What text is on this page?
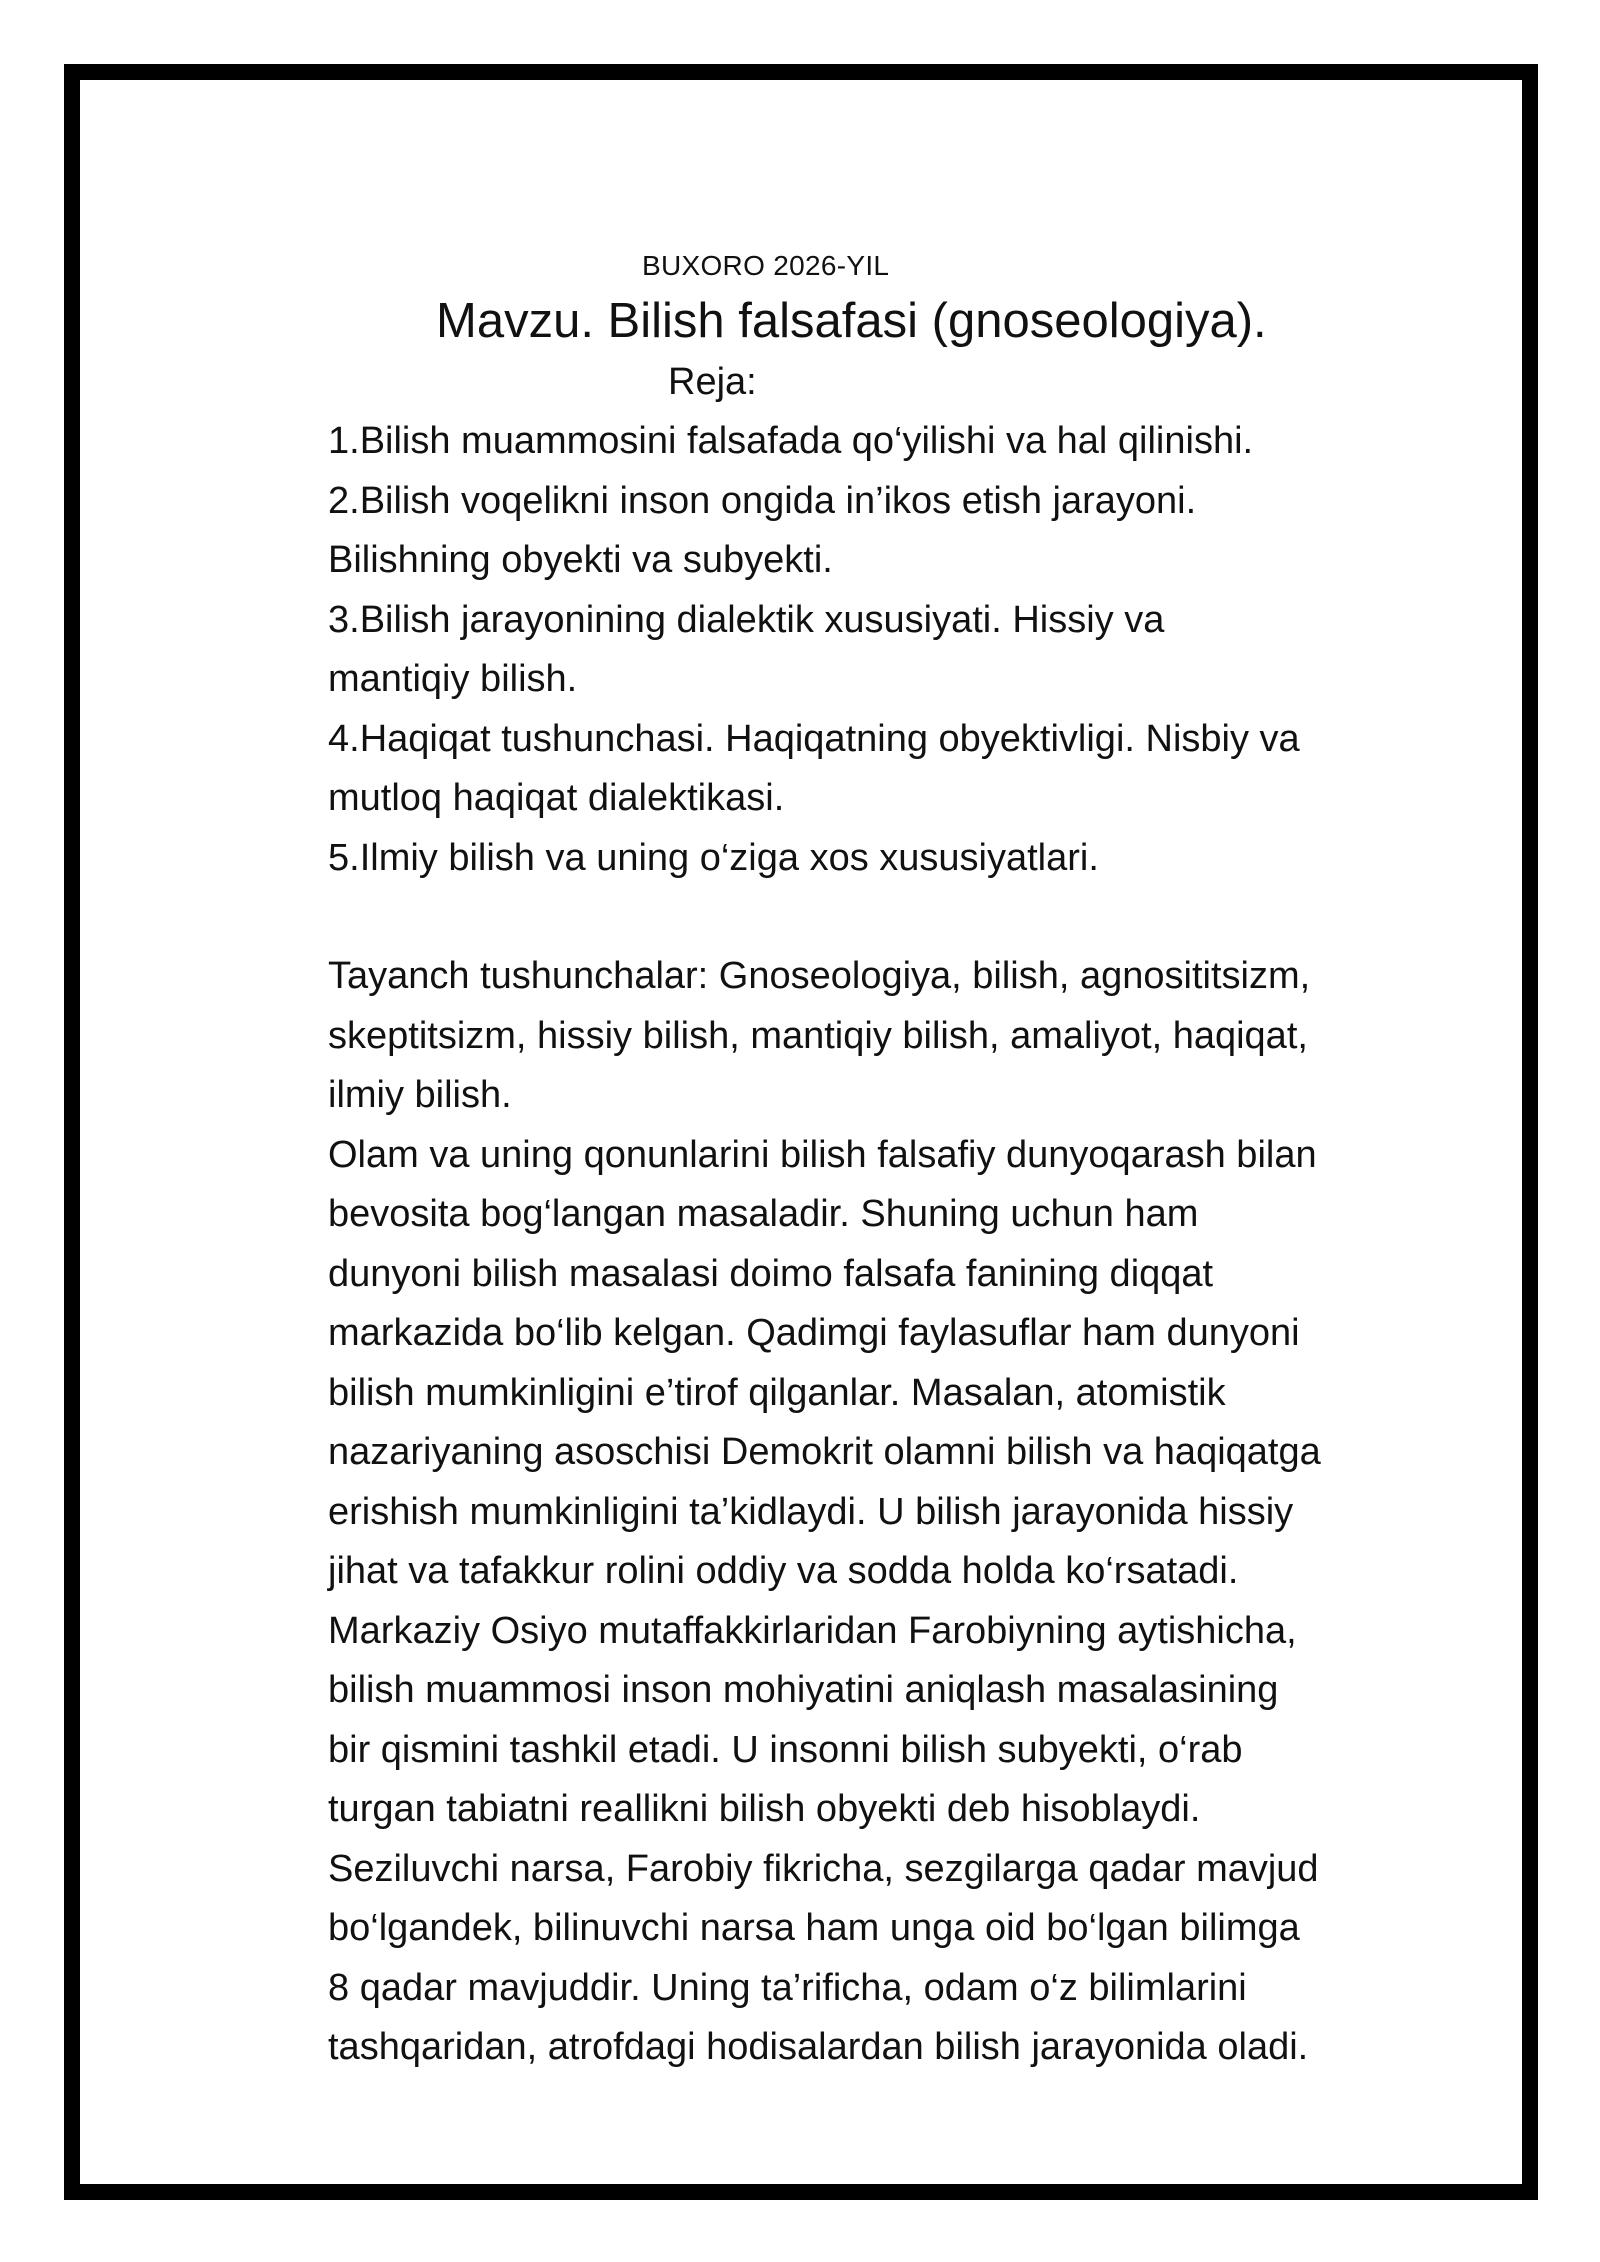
BUXORO 2026-YIL
Mavzu. Bilish falsafasi (gnoseologiya).
Reja:
1.Bilish muammosini falsafada qo‘yilishi va hal qilinishi.
2.Bilish voqelikni inson ongida in’ikos etish jarayoni.
Bilishning obyekti va subyekti.
3.Bilish jarayonining dialektik xususiyati. Hissiy va
mantiqiy bilish.
4.Haqiqat tushunchasi. Haqiqatning obyektivligi. Nisbiy va
mutloq haqiqat dialektikasi.
5.Ilmiy bilish va uning o‘ziga xos xususiyatlari.
Tayanch tushunchalar: Gnoseologiya, bilish, agnosititsizm,
skeptitsizm, hissiy bilish, mantiqiy bilish, amaliyot, haqiqat,
ilmiy bilish.
Olam va uning qonunlarini bilish falsafiy dunyoqarash bilan
bevosita bog‘langan masaladir. Shuning uchun ham
dunyoni bilish masalasi doimo falsafa fanining diqqat
markazida bo‘lib kelgan. Qadimgi faylasuflar ham dunyoni
bilish mumkinligini e’tirof qilganlar. Masalan, atomistik
nazariyaning asoschisi Demokrit olamni bilish va haqiqatga
erishish mumkinligini ta’kidlaydi. U bilish jarayonida hissiy
jihat va tafakkur rolini oddiy va sodda holda ko‘rsatadi.
Markaziy Osiyo mutaffakkirlaridan Farobiyning aytishicha,
bilish muammosi inson mohiyatini aniqlash masalasining
bir qismini tashkil etadi. U insonni bilish subyekti, o‘rab
turgan tabiatni reallikni bilish obyekti deb hisoblaydi.
Seziluvchi narsa, Farobiy fikricha, sezgilarga qadar mavjud
bo‘lgandek, bilinuvchi narsa ham unga oid bo‘lgan bilimga
8 qadar mavjuddir. Uning ta’rificha, odam o‘z bilimlarini
tashqaridan, atrofdagi hodisalardan bilish jarayonida oladi.
